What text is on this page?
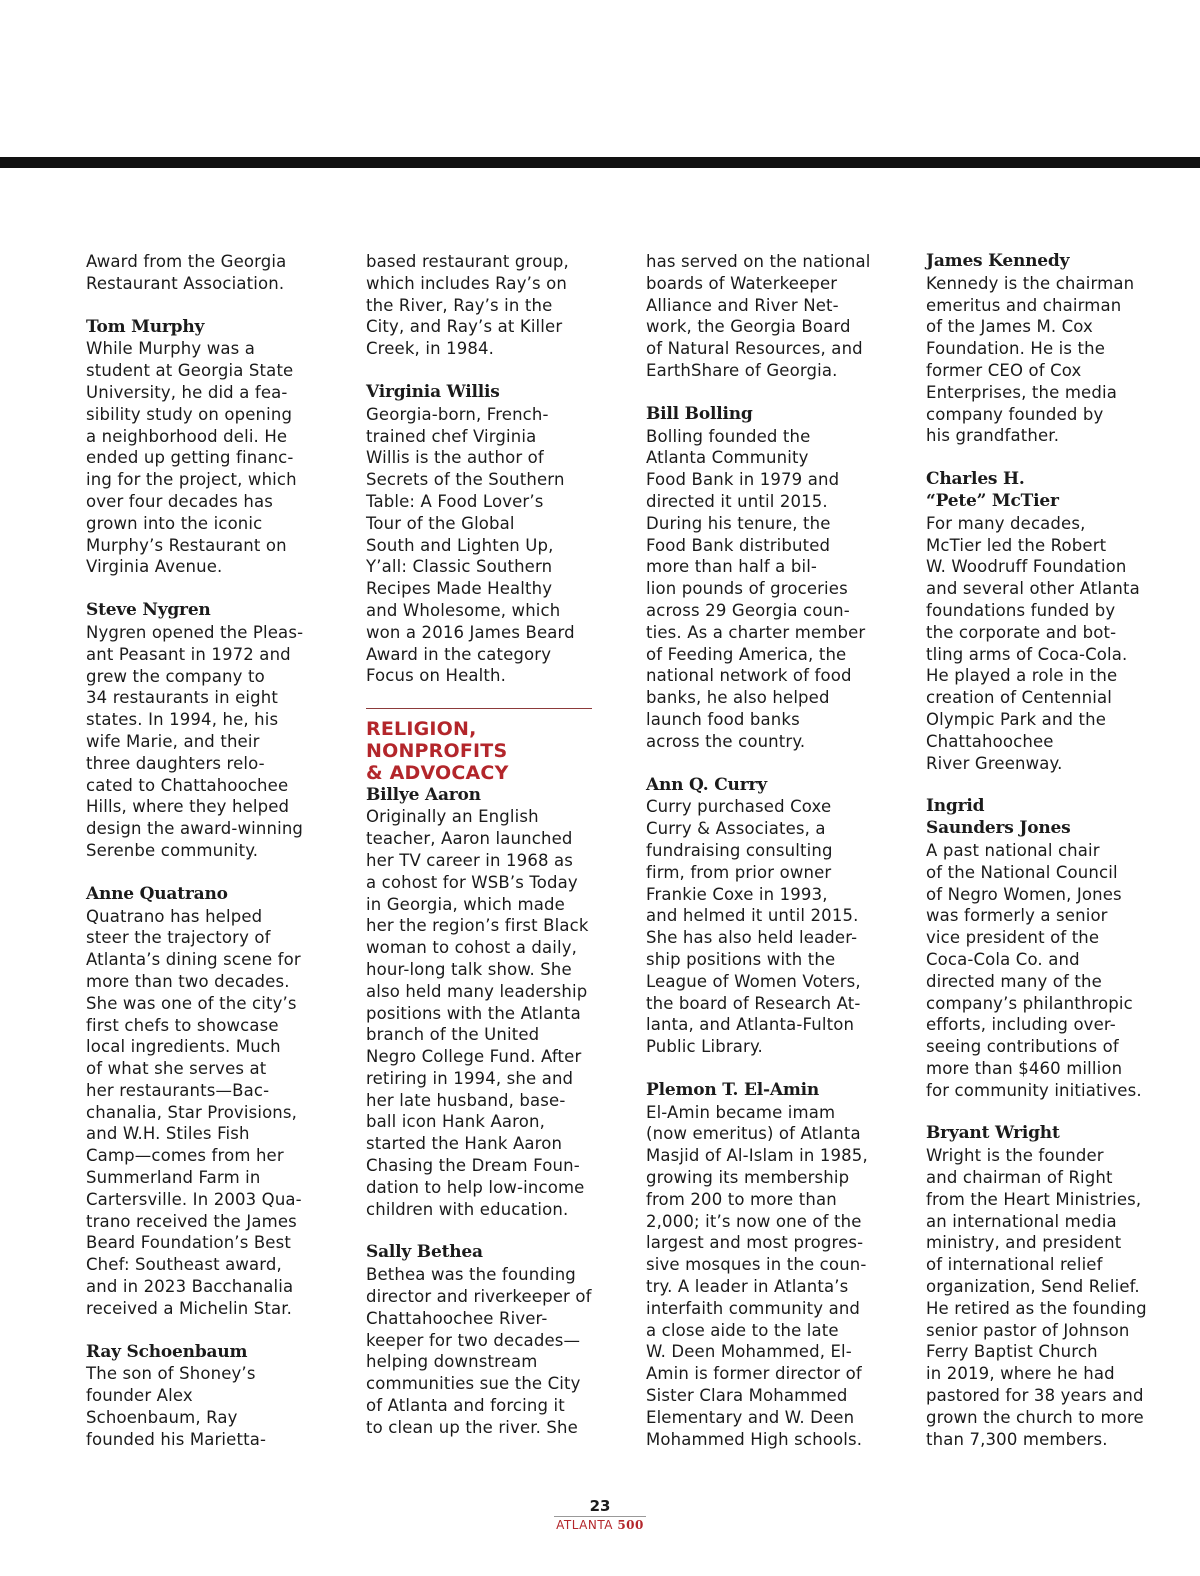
Award from the Georgia
Restaurant Association.
Tom Murphy
While Murphy was a
student at Georgia State
University, he did a fea-
sibility study on opening
a neighborhood deli. He
ended up getting financ-
ing for the project, which
over four decades has
grown into the iconic
Murphy’s Restaurant on
Virginia Avenue.
Steve Nygren
Nygren opened the Pleas-
ant Peasant in 1972 and
grew the company to
34 restaurants in eight
states. In 1994, he, his
wife Marie, and their
three daughters relo-
cated to Chattahoochee
Hills, where they helped
design the award-winning
Serenbe community.
Anne Quatrano
Quatrano has helped
steer the trajectory of
Atlanta’s dining scene for
more than two decades.
She was one of the city’s
first chefs to showcase
local ingredients. Much
of what she serves at
her restaurants—Bac-
chanalia, Star Provisions,
and W.H. Stiles Fish
Camp—comes from her
Summerland Farm in
Cartersville. In 2003 Qua-
trano received the James
Beard Foundation’s Best
Chef: Southeast award,
and in 2023 Bacchanalia
received a Michelin Star.
Ray Schoenbaum
The son of Shoney’s
founder Alex
Schoenbaum, Ray
founded his Marietta-
based restaurant group,
which includes Ray’s on
the River, Ray’s in the
City, and Ray’s at Killer
Creek, in 1984.
Virginia Willis
Georgia-born, French-
trained chef Virginia
Willis is the author of
Secrets of the Southern
Table: A Food Lover’s
Tour of the Global
South and Lighten Up,
Y’all: Classic Southern
Recipes Made Healthy
and Wholesome, which
won a 2016 James Beard
Award in the category
Focus on Health.
RELIGION,
NONPROFITS
& ADVOCACY
Billye Aaron
Originally an English
teacher, Aaron launched
her TV career in 1968 as
a cohost for WSB’s Today
in Georgia, which made
her the region’s first Black
woman to cohost a daily,
hour-long talk show. She
also held many leadership
positions with the Atlanta
branch of the United
Negro College Fund. After
retiring in 1994, she and
her late husband, base-
ball icon Hank Aaron,
started the Hank Aaron
Chasing the Dream Foun-
dation to help low-income
children with education.
Sally Bethea
Bethea was the founding
director and riverkeeper of
Chattahoochee River-
keeper for two decades—
helping downstream
communities sue the City
of Atlanta and forcing it
to clean up the river. She
has served on the national
boards of Waterkeeper
Alliance and River Net-
work, the Georgia Board
of Natural Resources, and
EarthShare of Georgia.
Bill Bolling
Bolling founded the
Atlanta Community
Food Bank in 1979 and
directed it until 2015.
During his tenure, the
Food Bank distributed
more than half a bil-
lion pounds of groceries
across 29 Georgia coun-
ties. As a charter member
of Feeding America, the
national network of food
banks, he also helped
launch food banks
across the country.
Ann Q. Curry
Curry purchased Coxe
Curry & Associates, a
fundraising consulting
firm, from prior owner
Frankie Coxe in 1993,
and helmed it until 2015.
She has also held leader-
ship positions with the
League of Women Voters,
the board of Research At-
lanta, and Atlanta-Fulton
Public Library.
Plemon T. El-Amin
El-Amin became imam
(now emeritus) of Atlanta
Masjid of Al-Islam in 1985,
growing its membership
from 200 to more than
2,000; it’s now one of the
largest and most progres-
sive mosques in the coun-
try. A leader in Atlanta’s
interfaith community and
a close aide to the late
W. Deen Mohammed, El-
Amin is former director of
Sister Clara Mohammed
Elementary and W. Deen
Mohammed High schools.
James Kennedy
Kennedy is the chairman
emeritus and chairman
of the James M. Cox
Foundation. He is the
former CEO of Cox
Enterprises, the media
company founded by
his grandfather.
Charles H.
“Pete” McTier
For many decades,
McTier led the Robert
W. Woodruff Foundation
and several other Atlanta
foundations funded by
the corporate and bot-
tling arms of Coca-Cola.
He played a role in the
creation of Centennial
Olympic Park and the
Chattahoochee
River Greenway.
Ingrid
Saunders Jones
A past national chair
of the National Council
of Negro Women, Jones
was formerly a senior
vice president of the
Coca-Cola Co. and
directed many of the
company’s philanthropic
efforts, including over-
seeing contributions of
more than $460 million
for community initiatives.
Bryant Wright
Wright is the founder
and chairman of Right
from the Heart Ministries,
an international media
ministry, and president
of international relief
organization, Send Relief.
He retired as the founding
senior pastor of Johnson
Ferry Baptist Church
in 2019, where he had
pastored for 38 years and
grown the church to more
than 7,300 members.
23
ATLANTA 500
